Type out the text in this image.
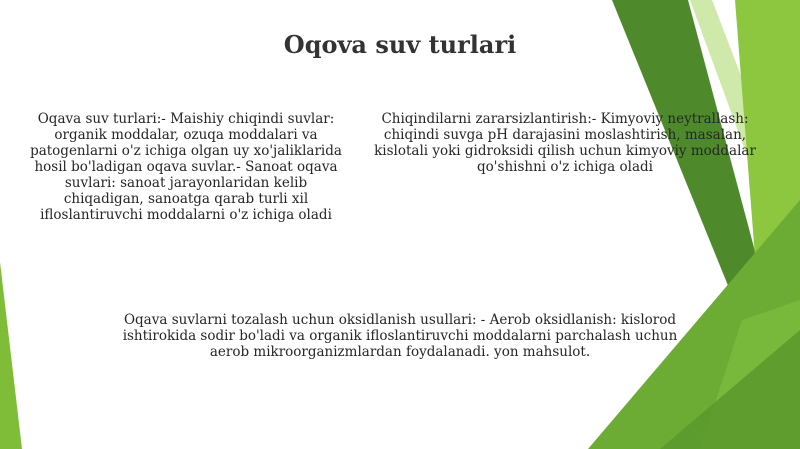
Oqova suv turlari
Oqava suv turlari:- Maishiy chiqindi suvlar: organik moddalar, ozuqa moddalari va patogenlarni o'z ichiga olgan uy xo'jaliklarida hosil bo'ladigan oqava suvlar.- Sanoat oqava suvlari: sanoat jarayonlaridan kelib chiqadigan, sanoatga qarab turli xil ifloslantiruvchi moddalarni o'z ichiga oladi
Chiqindilarni zararsizlantirish:- Kimyoviy neytrallash: chiqindi suvga pH darajasini moslashtirish, masalan, kislotali yoki gidroksidi qilish uchun kimyoviy moddalar qo'shishni o'z ichiga oladi
Oqava suvlarni tozalash uchun oksidlanish usullari: - Aerob oksidlanish: kislorod ishtirokida sodir bo'ladi va organik ifloslantiruvchi moddalarni parchalash uchun aerob mikroorganizmlardan foydalanadi. yon mahsulot.
